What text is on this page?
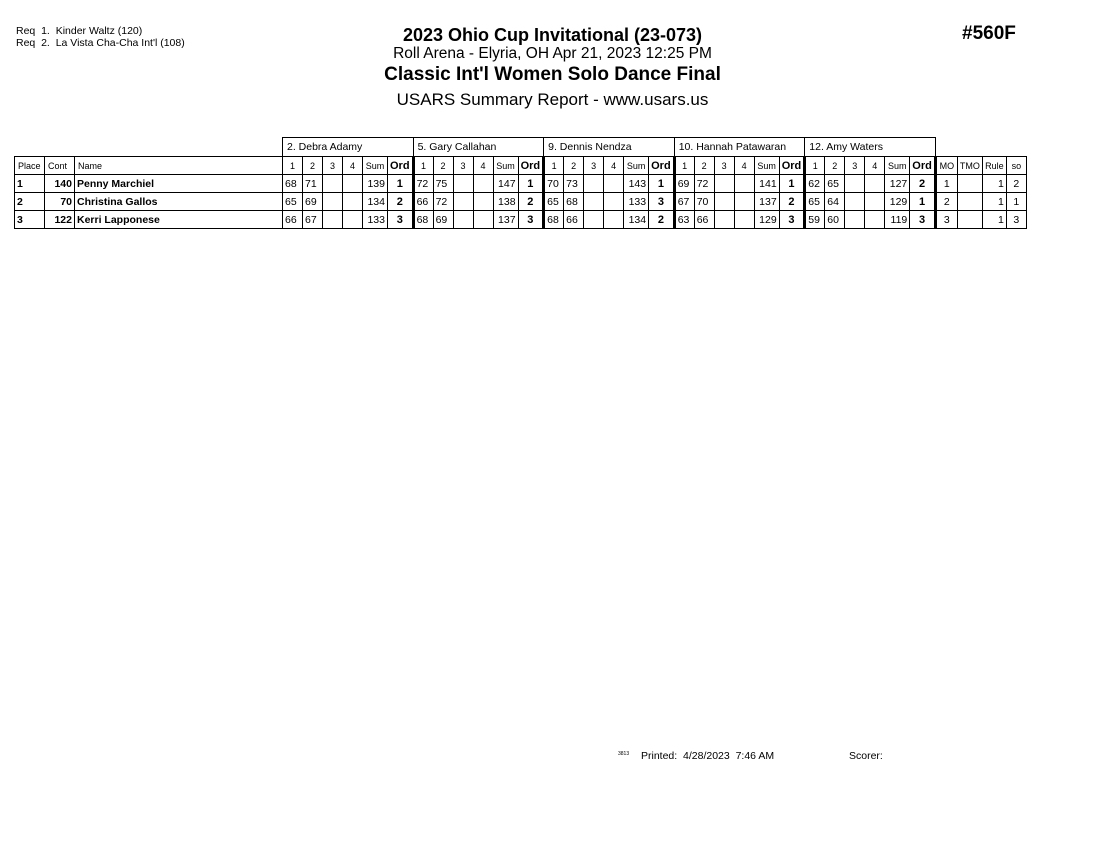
Req  1.  Kinder Waltz (120)
Req  2.  La Vista Cha-Cha Int'l (108)	2023 Ohio Cup Invitational (23-073)
Roll Arena - Elyria, OH Apr 21, 2023 12:25 PM
Classic Int'l Women Solo Dance Final
USARS Summary Report - www.usars.us
#560F
			2. Debra Adamy						5. Gary Callahan						9. Dennis Nendza						10. Hannah Patawaran						12. Amy Waters									
Place	Cont	Name	1	2	3	4	Sum	Ord	1	2	3	4	Sum	Ord	1	2	3	4	Sum	Ord	1	2	3	4	Sum	Ord	1	2	3	4	Sum	Ord	MO	TMO	Rule	so
1	140	Penny Marchiel	68	71			139	1	72	75			147	1	70	73			143	1	69	72			141	1	62	65			127	2	1		1	2
2	70	Christina Gallos	65	69			134	2	66	72			138	2	65	68			133	3	67	70			137	2	65	64			129	1	2		1	1
3	122	Kerri Lapponese	66	67			133	3	68	69			137	3	68	66			134	2	63	66			129	3	59	60			119	3	3		1	3
3813 Printed:  4/28/2023  7:46 AM	Scorer:
